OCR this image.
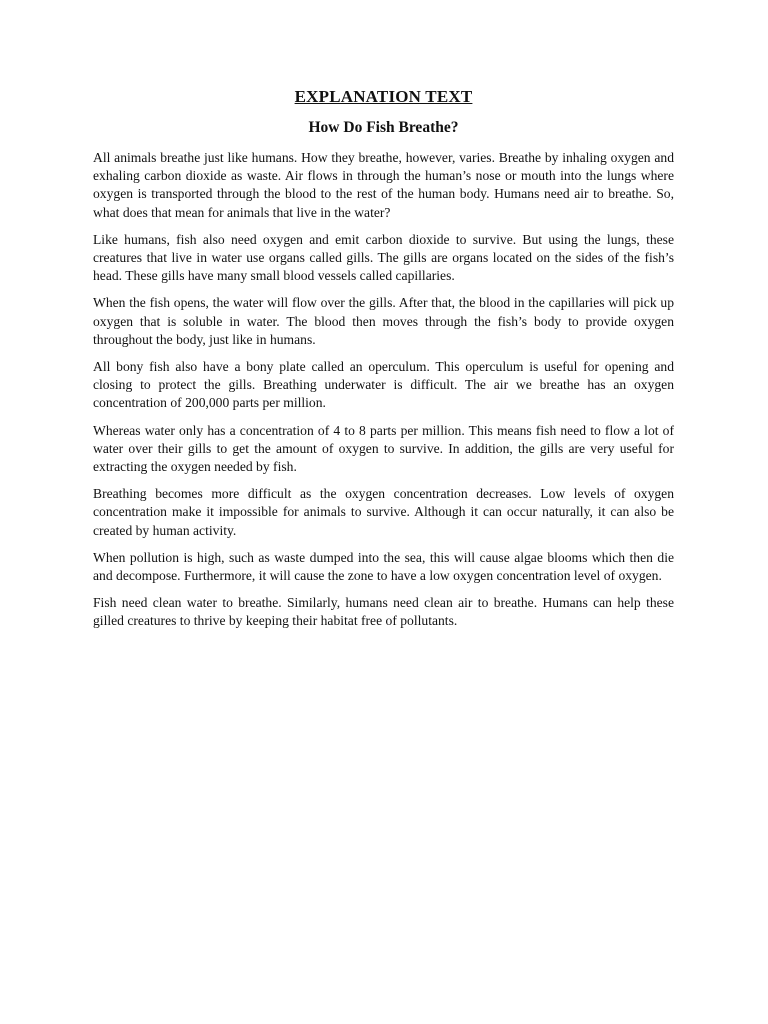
EXPLANATION TEXT
How Do Fish Breathe?

All animals breathe just like humans. How they breathe, however, varies. Breathe by inhaling oxygen and exhaling carbon dioxide as waste. Air flows in through the human’s nose or mouth into the lungs where oxygen is transported through the blood to the rest of the human body. Humans need air to breathe. So, what does that mean for animals that live in the water?

Like humans, fish also need oxygen and emit carbon dioxide to survive. But using the lungs, these creatures that live in water use organs called gills. The gills are organs located on the sides of the fish’s head. These gills have many small blood vessels called capillaries.

When the fish opens, the water will flow over the gills. After that, the blood in the capillaries will pick up oxygen that is soluble in water. The blood then moves through the fish’s body to provide oxygen throughout the body, just like in humans.

All bony fish also have a bony plate called an operculum. This operculum is useful for opening and closing to protect the gills. Breathing underwater is difficult. The air we breathe has an oxygen concentration of 200,000 parts per million.

Whereas water only has a concentration of 4 to 8 parts per million. This means fish need to flow a lot of water over their gills to get the amount of oxygen to survive. In addition, the gills are very useful for extracting the oxygen needed by fish.

Breathing becomes more difficult as the oxygen concentration decreases. Low levels of oxygen concentration make it impossible for animals to survive. Although it can occur naturally, it can also be created by human activity.

When pollution is high, such as waste dumped into the sea, this will cause algae blooms which then die and decompose. Furthermore, it will cause the zone to have a low oxygen concentration level of oxygen.

Fish need clean water to breathe. Similarly, humans need clean air to breathe. Humans can help these gilled creatures to thrive by keeping their habitat free of pollutants.
